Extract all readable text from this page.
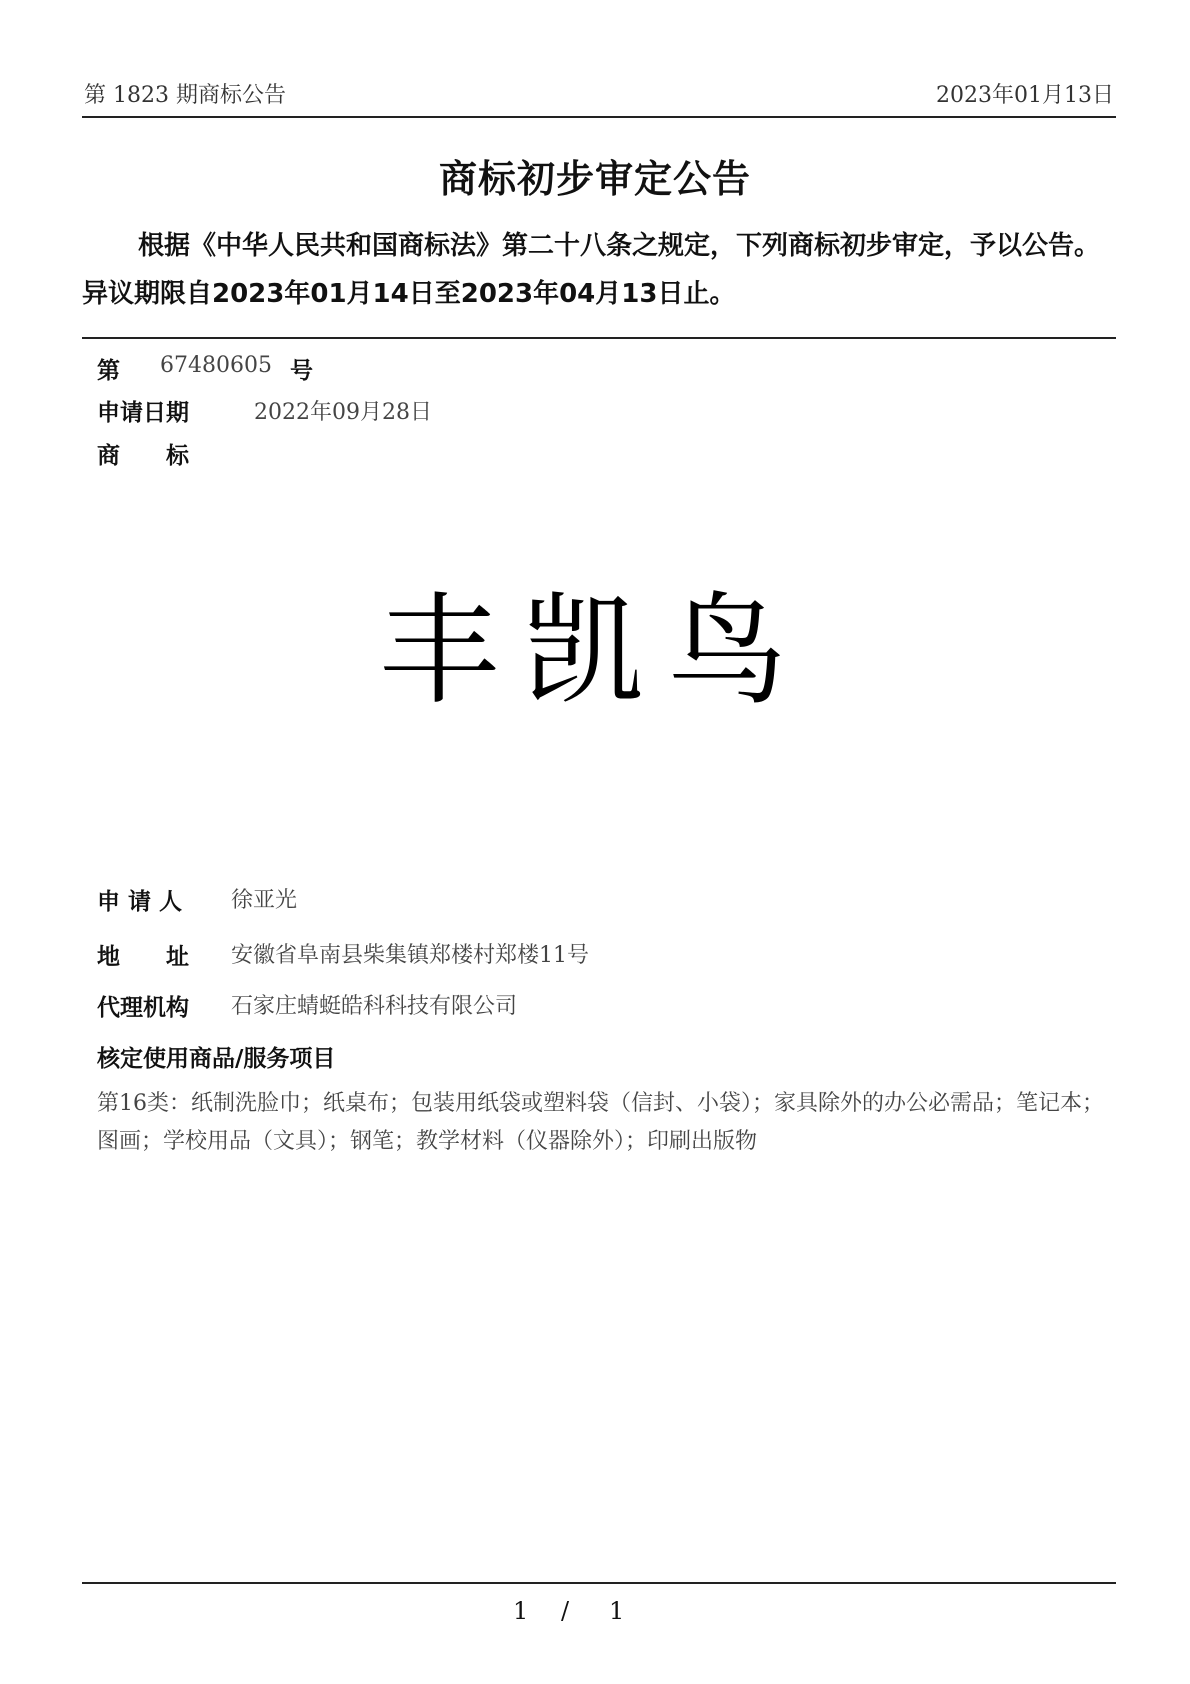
第 1823 期商标公告	2023年01月13日
商标初步审定公告
根据《中华人民共和国商标法》第二十八条之规定，下列商标初步审定，予以公告。异议期限自2023年01月14日至2023年04月13日止。
第 67480605 号
申请日期	2022年09月28日
商　　标
丰凯鸟
申 请 人 徐亚光
地　　址 安徽省阜南县柴集镇郑楼村郑楼11号
代理机构 石家庄蜻蜓皓科科技有限公司
核定使用商品/服务项目
第16类：纸制洗脸巾；纸桌布；包装用纸袋或塑料袋（信封、小袋）；家具除外的办公必需品；笔记本；图画；学校用品（文具）；钢笔；教学材料（仪器除外）；印刷出版物
1 / 1
